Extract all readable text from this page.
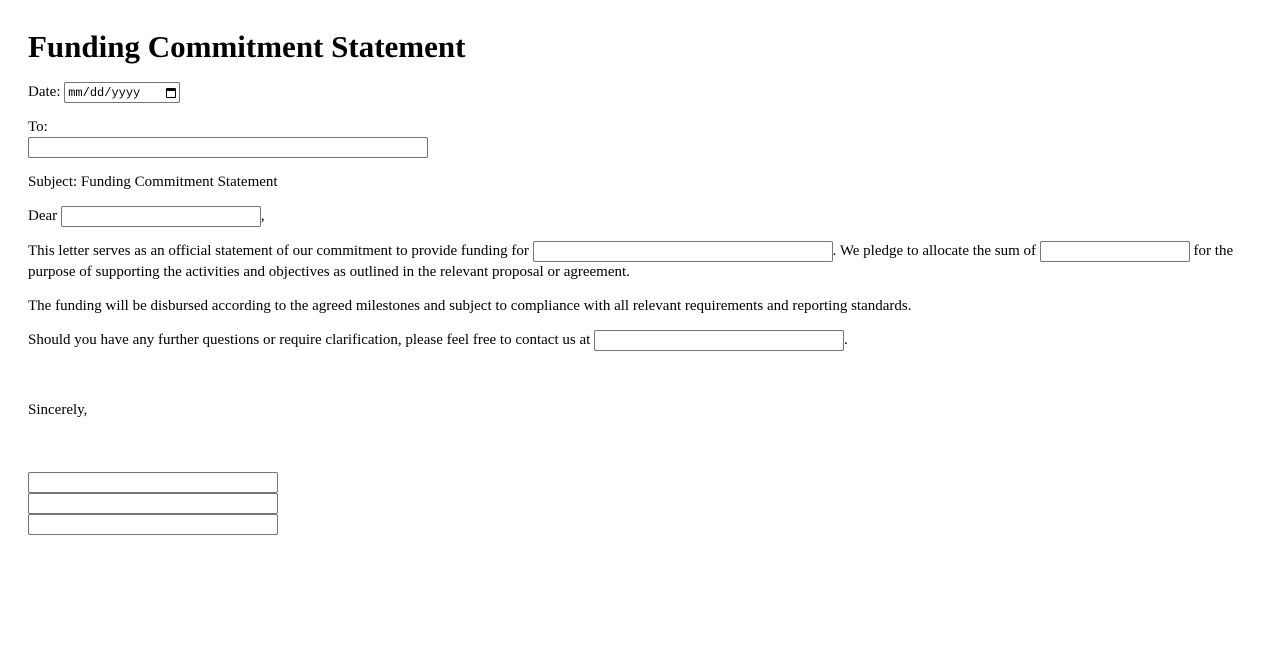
Funding Commitment Statement

Date: mm/dd/yyyy

To:

Subject: Funding Commitment Statement

Dear	,

This letter serves as an official statement of our commitment to provide funding for	. We pledge to allocate the sum of	for the purpose of supporting the activities and objectives as outlined in the relevant proposal or agreement.

The funding will be disbursed according to the agreed milestones and subject to compliance with all relevant requirements and reporting standards.

Should you have any further questions or require clarification, please feel free to contact us at	.

Sincerely,
